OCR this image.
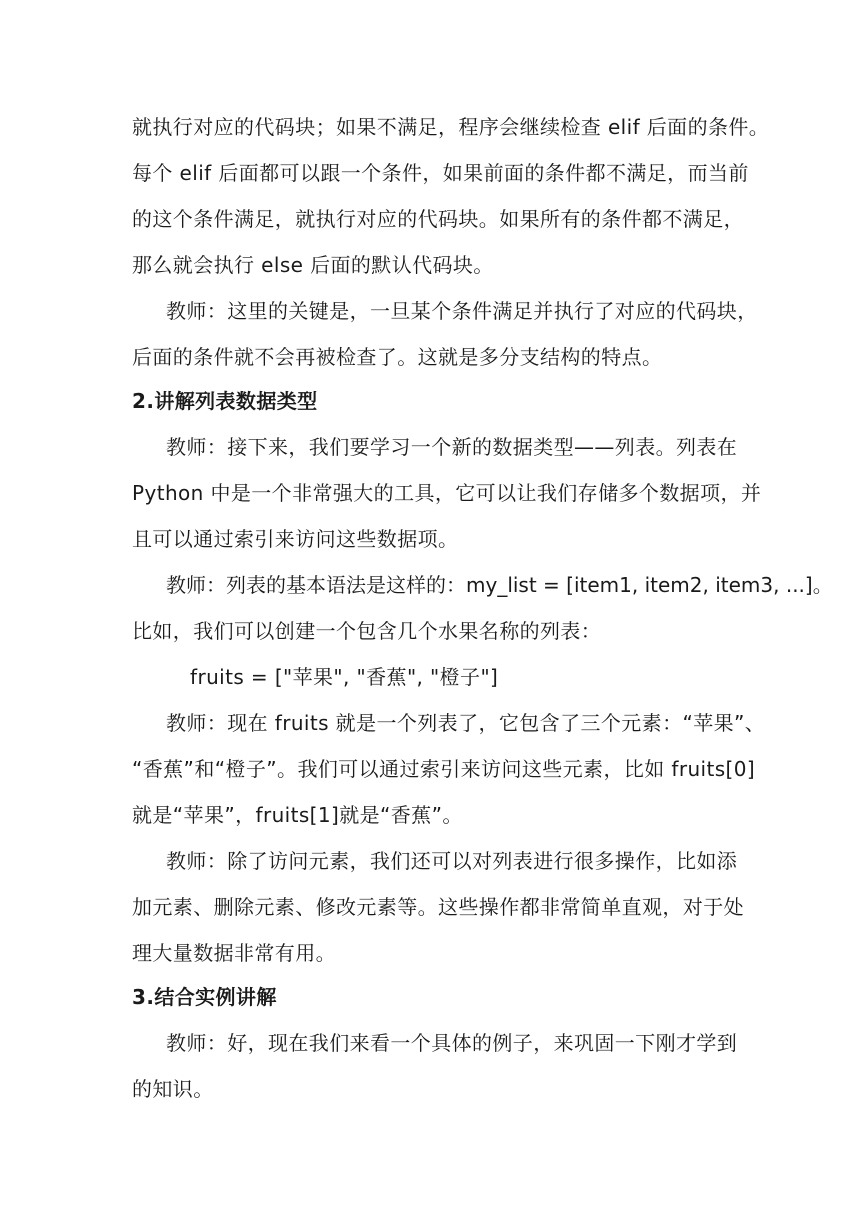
就执行对应的代码块；如果不满足，程序会继续检查 elif 后面的条件。
每个 elif 后面都可以跟一个条件，如果前面的条件都不满足，而当前
的这个条件满足，就执行对应的代码块。如果所有的条件都不满足，
那么就会执行 else 后面的默认代码块。
教师：这里的关键是，一旦某个条件满足并执行了对应的代码块，
后面的条件就不会再被检查了。这就是多分支结构的特点。
2.讲解列表数据类型
教师：接下来，我们要学习一个新的数据类型——列表。列表在
Python 中是一个非常强大的工具，它可以让我们存储多个数据项，并
且可以通过索引来访问这些数据项。
教师：列表的基本语法是这样的：my_list = [item1, item2, item3, ...]。
比如，我们可以创建一个包含几个水果名称的列表：
fruits = ["苹果", "香蕉", "橙子"]
教师：现在 fruits 就是一个列表了，它包含了三个元素：“苹果”、
“香蕉”和“橙子”。我们可以通过索引来访问这些元素，比如 fruits[0]
就是“苹果”，fruits[1]就是“香蕉”。
教师：除了访问元素，我们还可以对列表进行很多操作，比如添
加元素、删除元素、修改元素等。这些操作都非常简单直观，对于处
理大量数据非常有用。
3.结合实例讲解
教师：好，现在我们来看一个具体的例子，来巩固一下刚才学到
的知识。
